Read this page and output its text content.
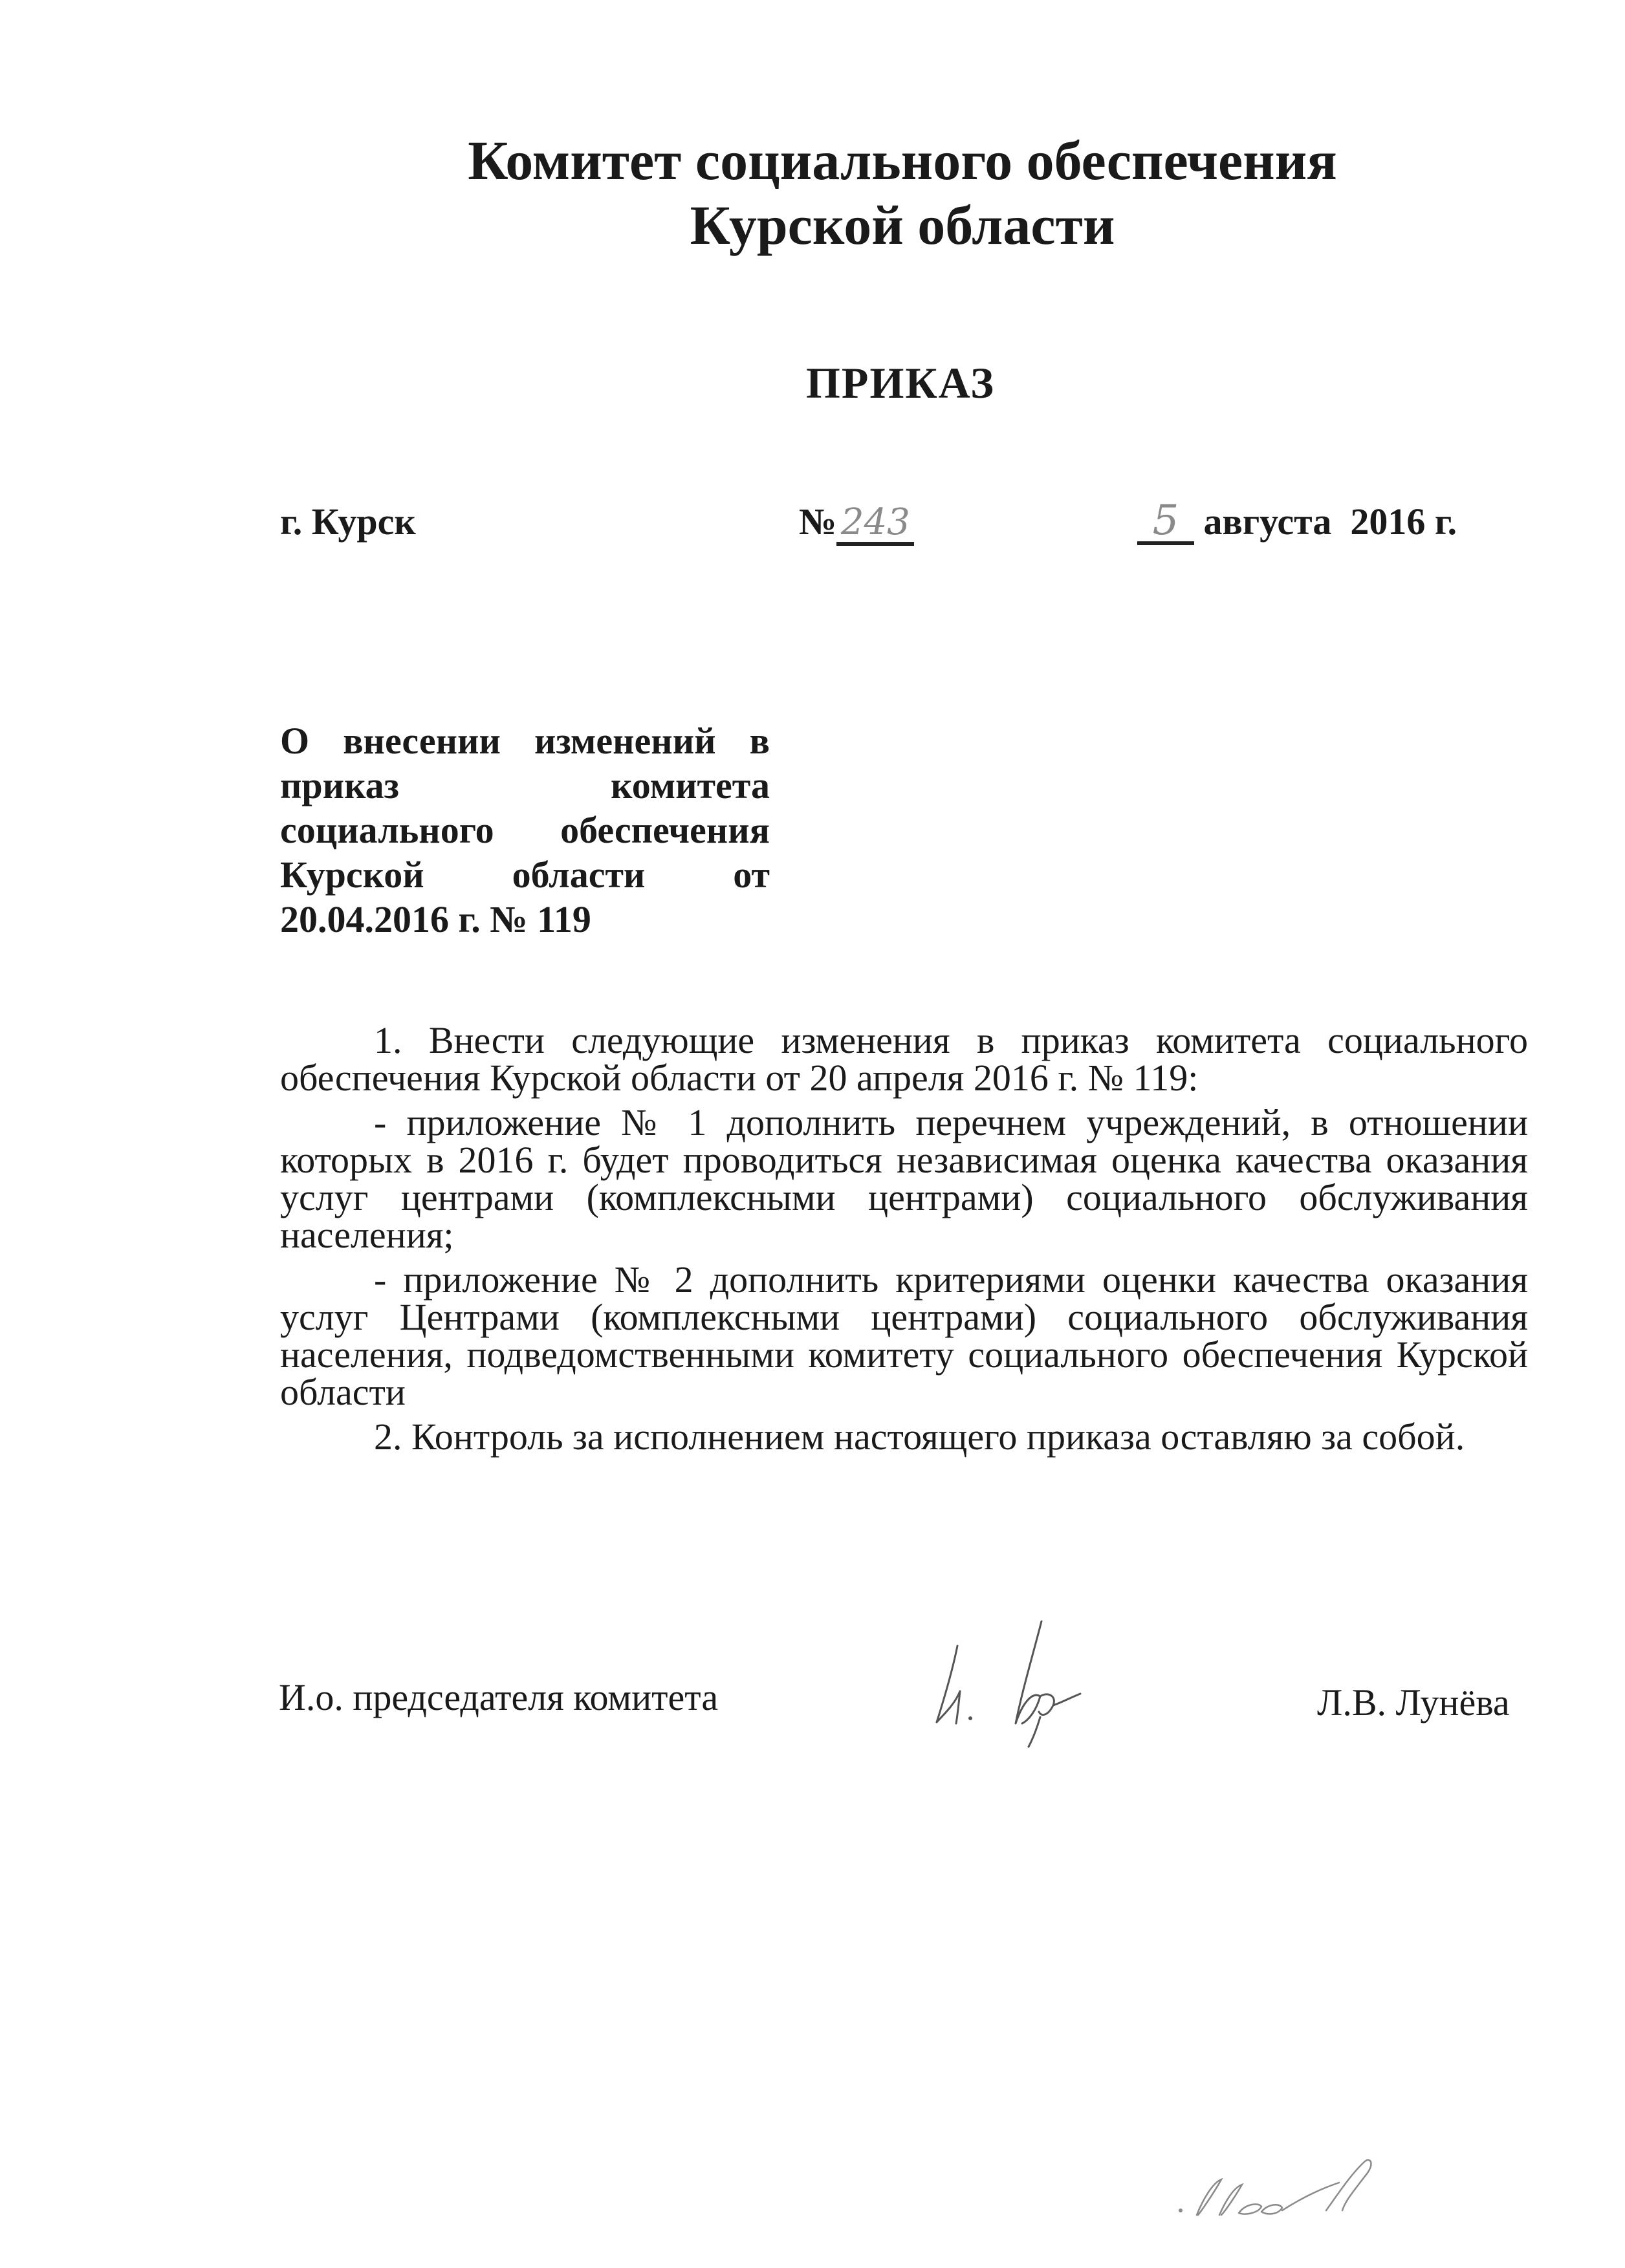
Комитет социального обеспечения
Курской области
ПРИКАЗ
г. Курск	№ 243	5 августа  2016 г.
О внесении изменений в
приказ комитета
социального обеспечения
Курской области от
20.04.2016 г. № 119

1. Внести следующие изменения в приказ комитета социального обеспечения Курской области от 20 апреля 2016 г. № 119:

- приложение № 1 дополнить перечнем учреждений, в отношении которых в 2016 г. будет проводиться независимая оценка качества оказания услуг центрами (комплексными центрами) социального обслуживания населения;

- приложение № 2 дополнить критериями оценки качества оказания услуг Центрами (комплексными центрами) социального обслуживания населения, подведомственными комитету социального обеспечения Курской области

2. Контроль за исполнением настоящего приказа оставляю за собой.

И.о. председателя комитета	Л.В. Лунёва
